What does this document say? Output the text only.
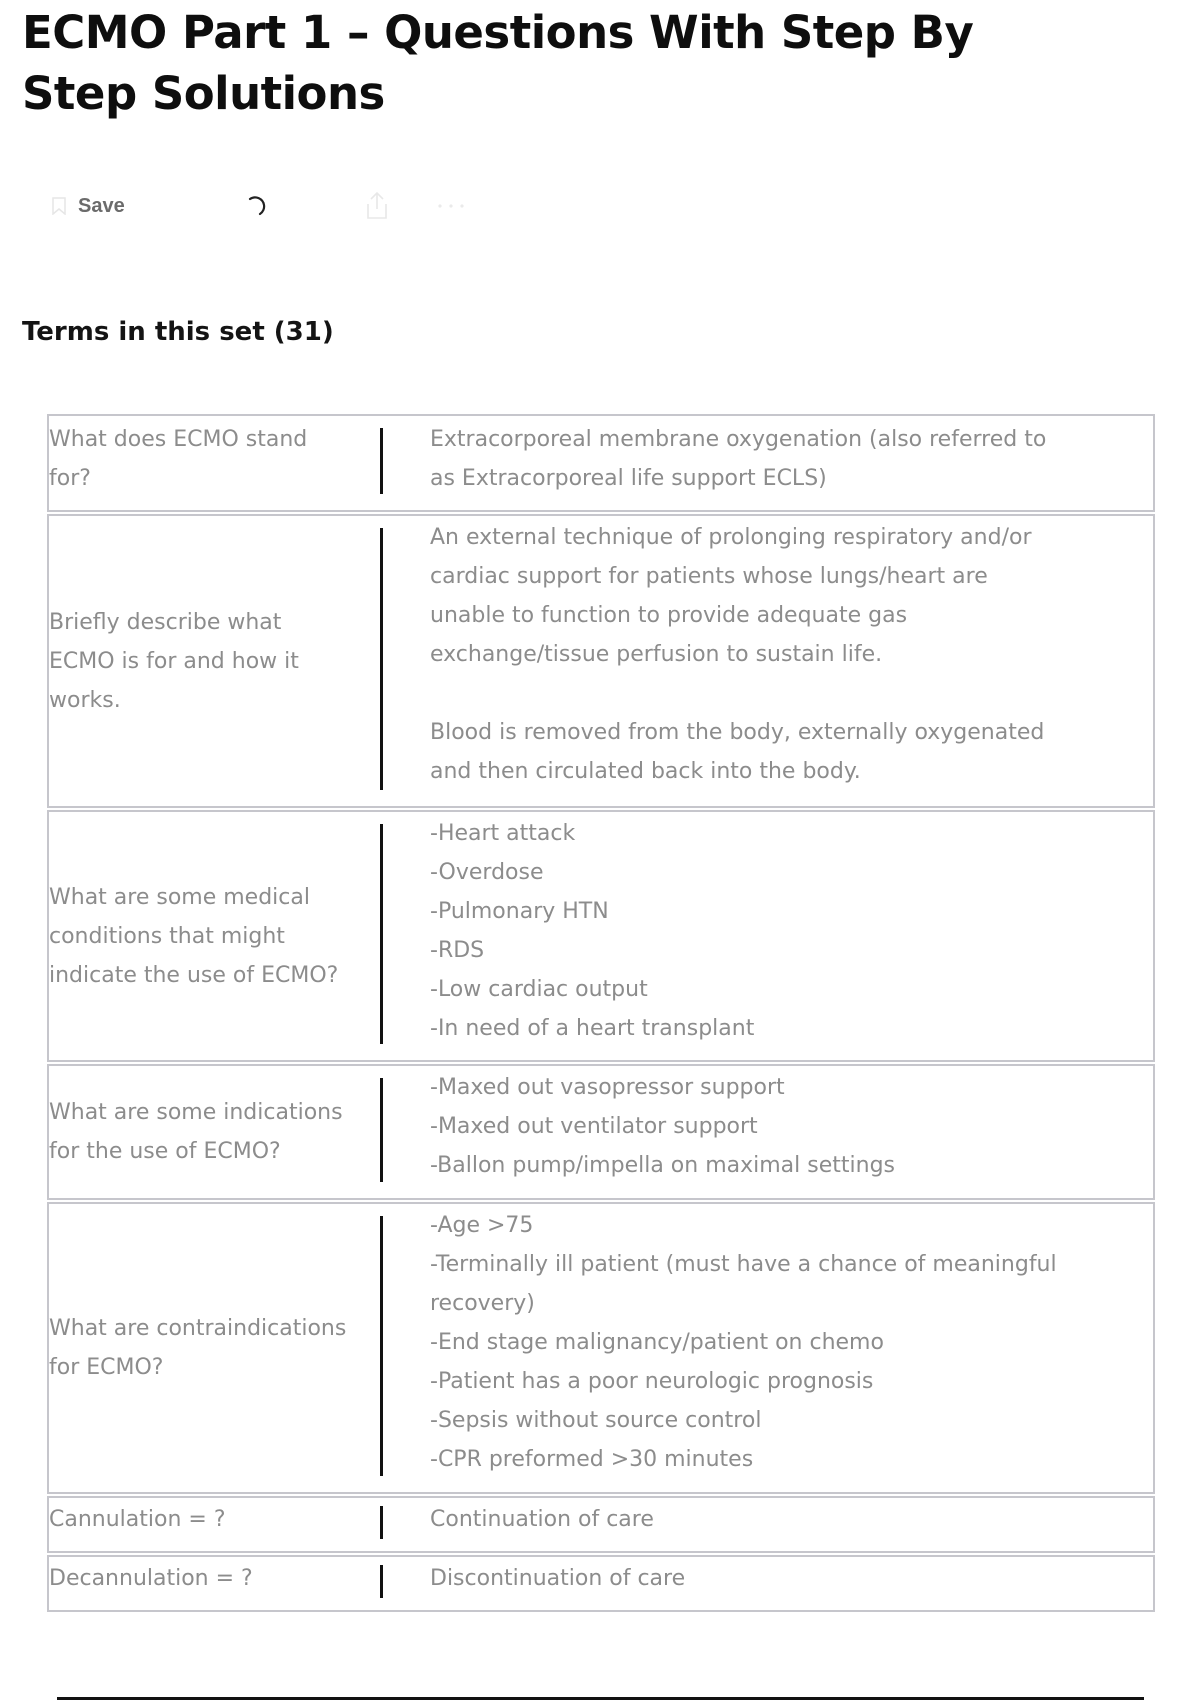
ECMO Part 1 – Questions With Step By Step Solutions
Save
Terms in this set (31)
What does ECMO stand
for?
Extracorporeal membrane oxygenation (also referred to
as Extracorporeal life support ECLS)
Briefly describe what
ECMO is for and how it
works.
An external technique of prolonging respiratory and/or
cardiac support for patients whose lungs/heart are
unable to function to provide adequate gas
exchange/tissue perfusion to sustain life.
Blood is removed from the body, externally oxygenated
and then circulated back into the body.
What are some medical
conditions that might
indicate the use of ECMO?
-Heart attack
-Overdose
-Pulmonary HTN
-RDS
-Low cardiac output
-In need of a heart transplant
What are some indications
for the use of ECMO?
-Maxed out vasopressor support
-Maxed out ventilator support
-Ballon pump/impella on maximal settings
What are contraindications
for ECMO?
-Age >75
-Terminally ill patient (must have a chance of meaningful
recovery)
-End stage malignancy/patient on chemo
-Patient has a poor neurologic prognosis
-Sepsis without source control
-CPR preformed >30 minutes
Cannulation = ?	Continuation of care
Decannulation = ?	Discontinuation of care
